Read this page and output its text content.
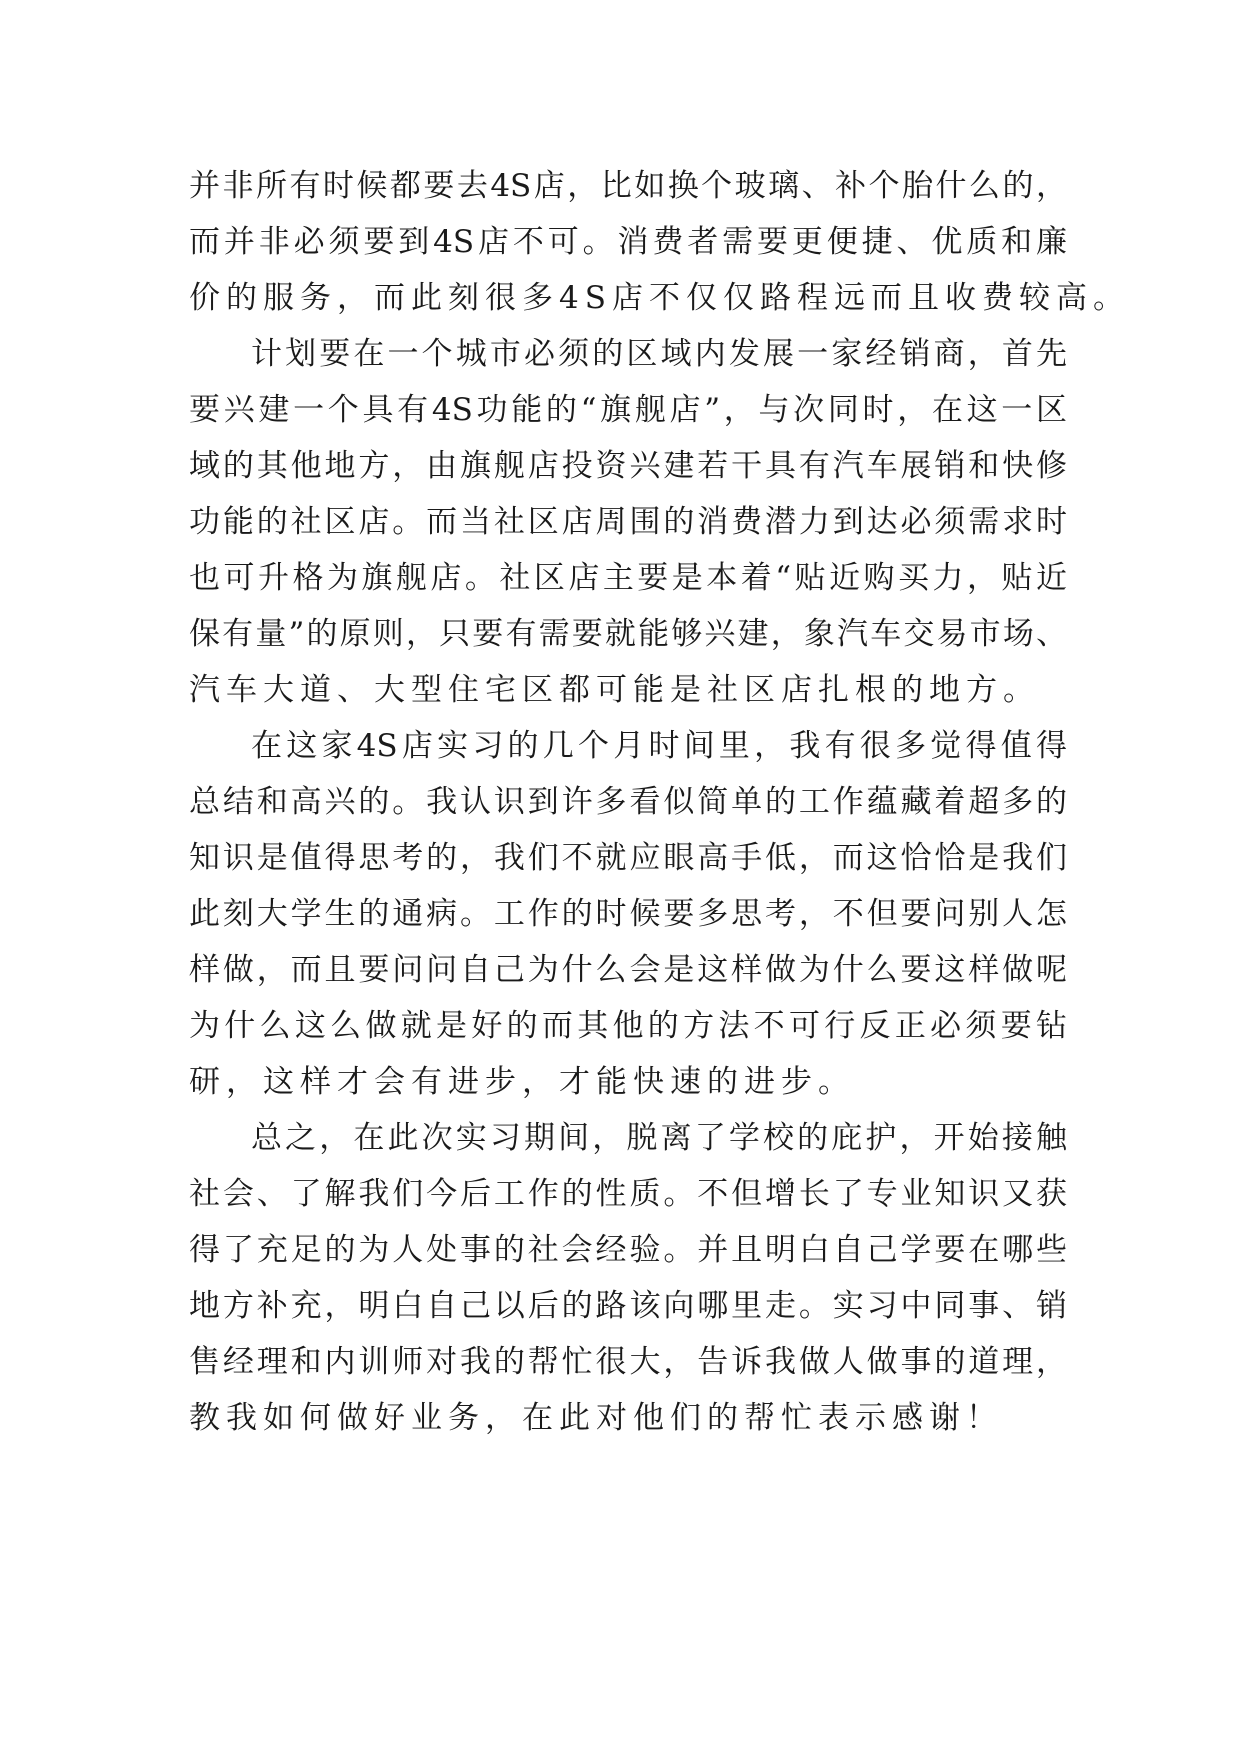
并非所有时候都要去4S店，比如换个玻璃、补个胎什么的，
而并非必须要到4S店不可。消费者需要更便捷、优质和廉
价的服务，而此刻很多4S店不仅仅路程远而且收费较高。
计划要在一个城市必须的区域内发展一家经销商，首先
要兴建一个具有4S功能的“旗舰店”，与次同时，在这一区
域的其他地方，由旗舰店投资兴建若干具有汽车展销和快修
功能的社区店。而当社区店周围的消费潜力到达必须需求时
也可升格为旗舰店。社区店主要是本着“贴近购买力，贴近
保有量”的原则，只要有需要就能够兴建，象汽车交易市场、
汽车大道、大型住宅区都可能是社区店扎根的地方。
在这家4S店实习的几个月时间里，我有很多觉得值得
总结和高兴的。我认识到许多看似简单的工作蕴藏着超多的
知识是值得思考的，我们不就应眼高手低，而这恰恰是我们
此刻大学生的通病。工作的时候要多思考，不但要问别人怎
样做，而且要问问自己为什么会是这样做为什么要这样做呢
为什么这么做就是好的而其他的方法不可行反正必须要钻
研，这样才会有进步，才能快速的进步。
总之，在此次实习期间，脱离了学校的庇护，开始接触
社会、了解我们今后工作的性质。不但增长了专业知识又获
得了充足的为人处事的社会经验。并且明白自己学要在哪些
地方补充，明白自己以后的路该向哪里走。实习中同事、销
售经理和内训师对我的帮忙很大，告诉我做人做事的道理，
教我如何做好业务，在此对他们的帮忙表示感谢！
